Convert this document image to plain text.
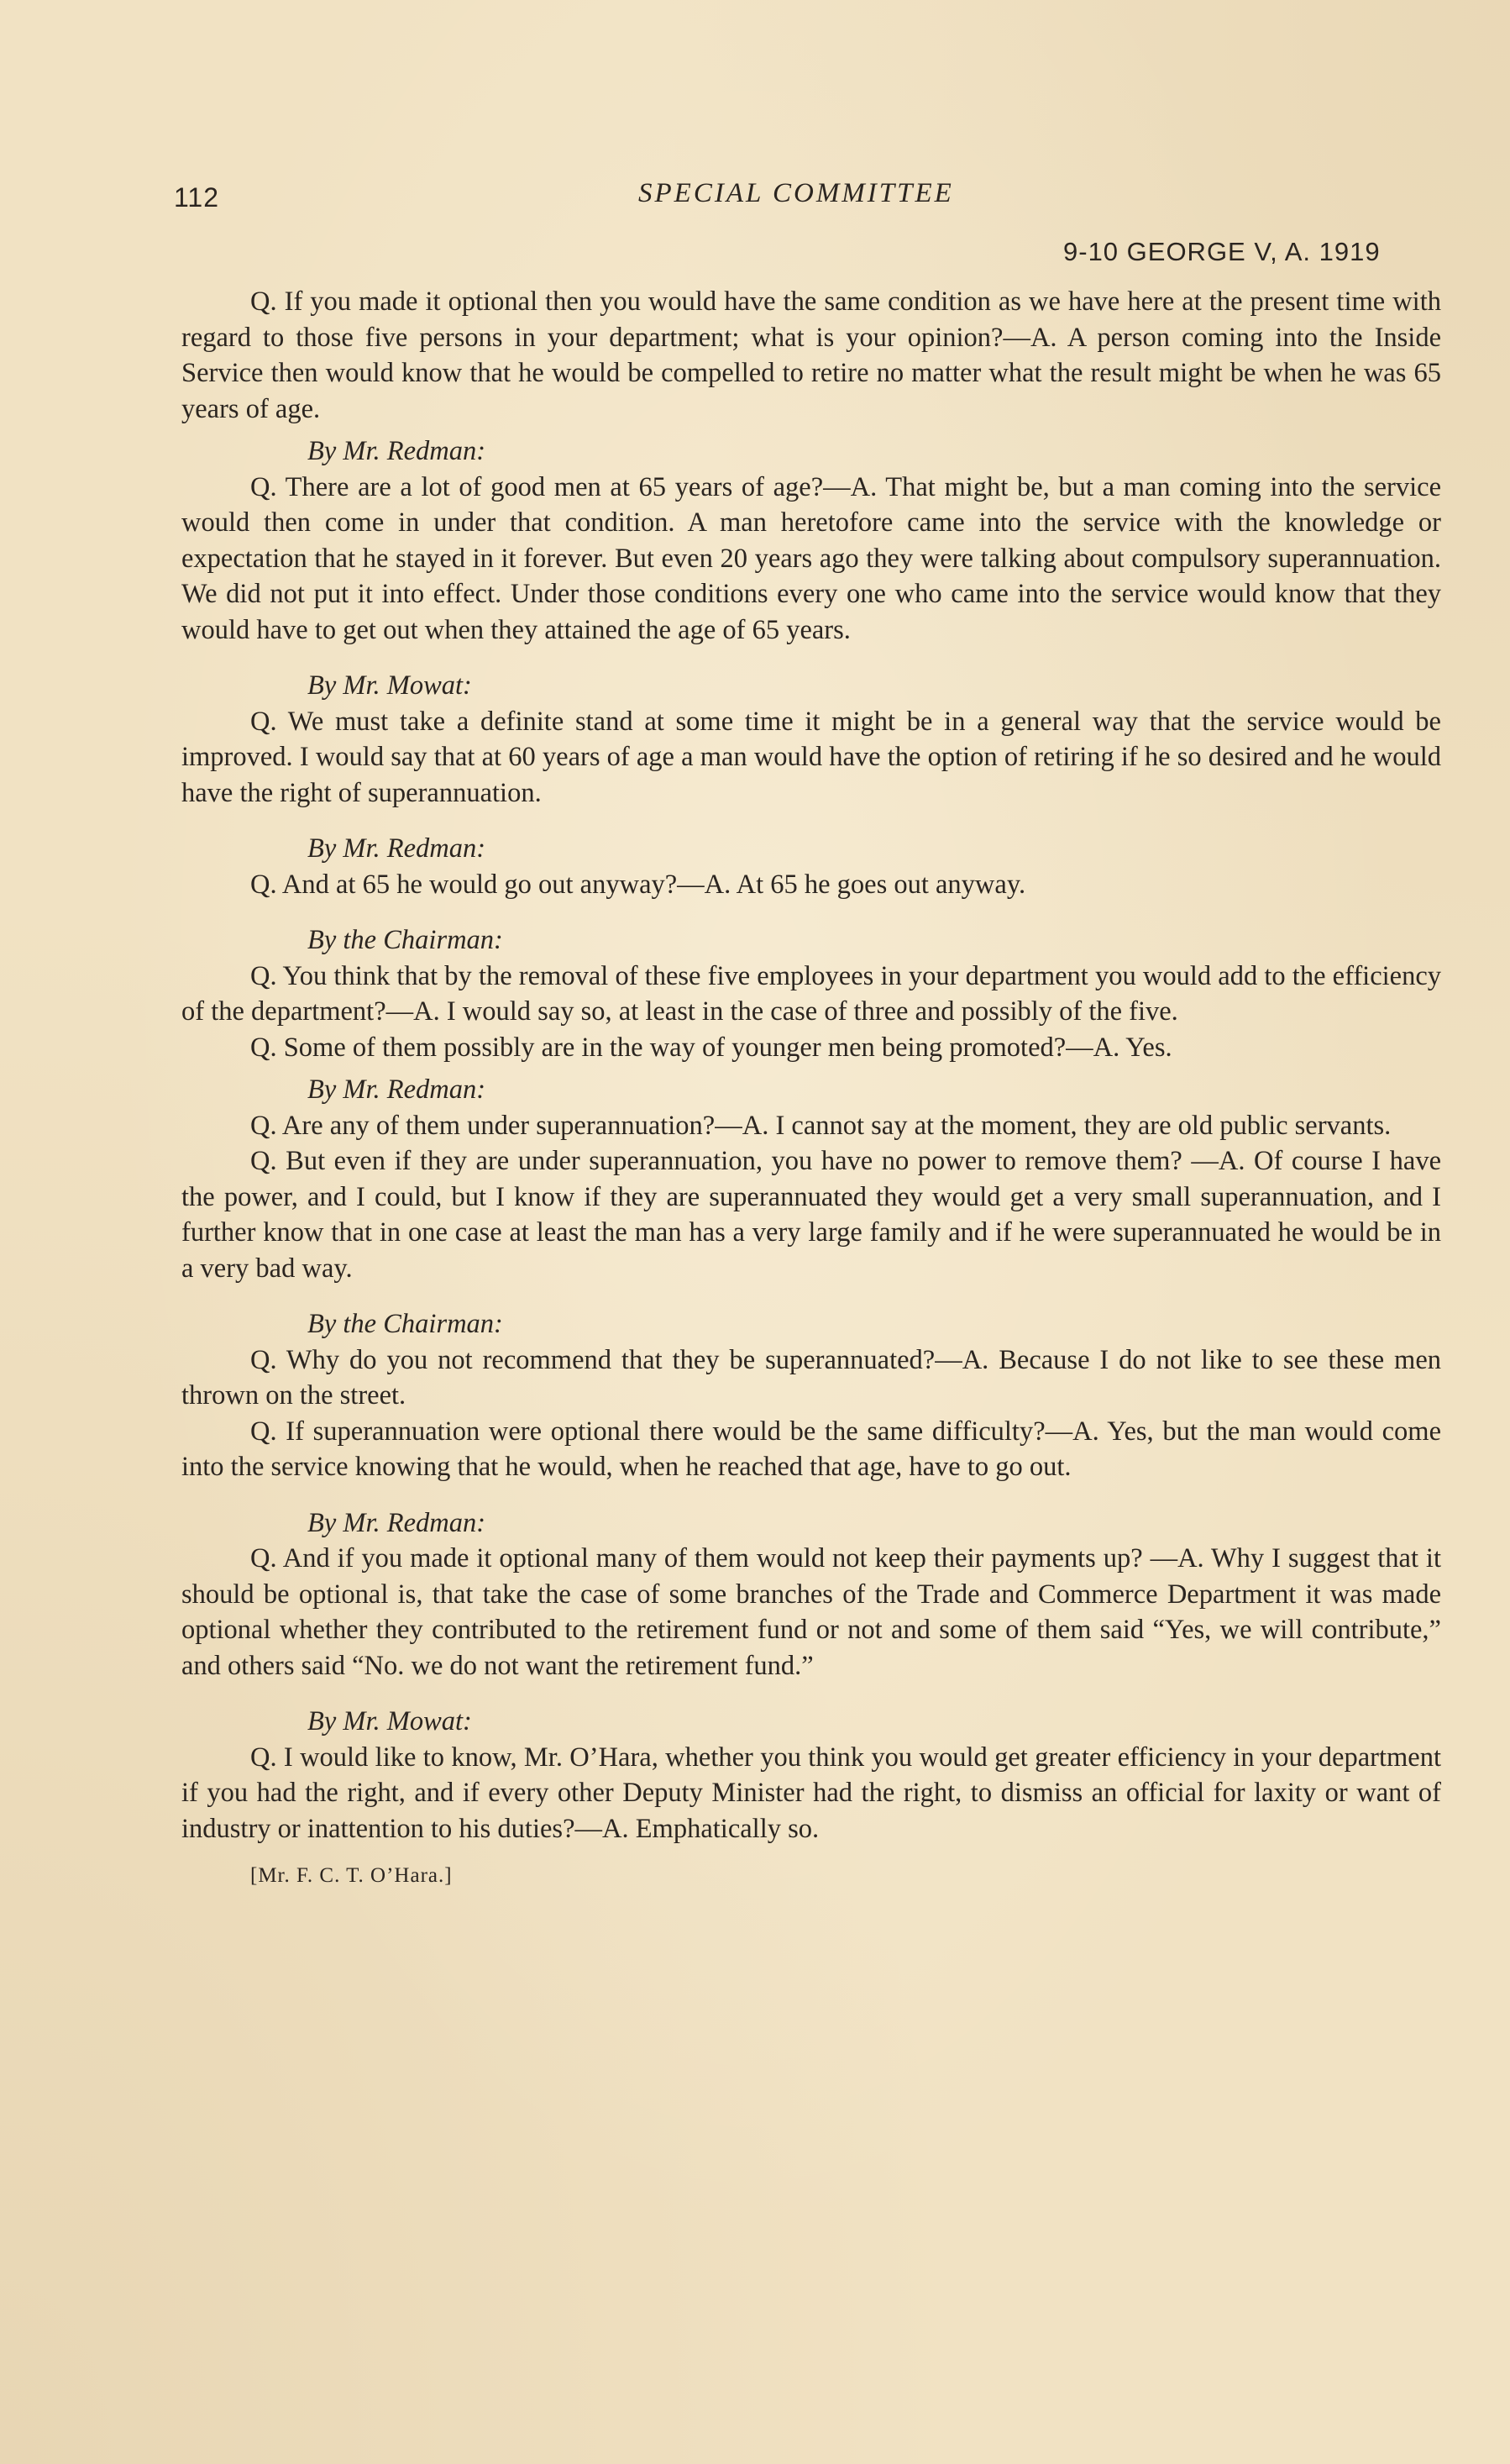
112	SPECIAL COMMITTEE
9-10 GEORGE V, A. 1919

Q. If you made it optional then you would have the same condition as we have here at the present time with regard to those five persons in your department; what is your opinion?—A. A person coming into the Inside Service then would know that he would be compelled to retire no matter what the result might be when he was 65 years of age.

By Mr. Redman:

Q. There are a lot of good men at 65 years of age?—A. That might be, but a man coming into the service would then come in under that condition. A man heretofore came into the service with the knowledge or expectation that he stayed in it forever. But even 20 years ago they were talking about compulsory superannuation. We did not put it into effect. Under those conditions every one who came into the service would know that they would have to get out when they attained the age of 65 years.

By Mr. Mowat:

Q. We must take a definite stand at some time it might be in a general way that the service would be improved. I would say that at 60 years of age a man would have the option of retiring if he so desired and he would have the right of superannuation.

By Mr. Redman:

Q. And at 65 he would go out anyway?—A. At 65 he goes out anyway.

By the Chairman:

Q. You think that by the removal of these five employees in your department you would add to the efficiency of the department?—A. I would say so, at least in the case of three and possibly of the five.

Q. Some of them possibly are in the way of younger men being promoted?—A. Yes.

By Mr. Redman:

Q. Are any of them under superannuation?—A. I cannot say at the moment, they are old public servants.

Q. But even if they are under superannuation, you have no power to remove them? —A. Of course I have the power, and I could, but I know if they are superannuated they would get a very small superannuation, and I further know that in one case at least the man has a very large family and if he were superannuated he would be in a very bad way.

By the Chairman:

Q. Why do you not recommend that they be superannuated?—A. Because I do not like to see these men thrown on the street.

Q. If superannuation were optional there would be the same difficulty?—A. Yes, but the man would come into the service knowing that he would, when he reached that age, have to go out.

By Mr. Redman:

Q. And if you made it optional many of them would not keep their payments up? —A. Why I suggest that it should be optional is, that take the case of some branches of the Trade and Commerce Department it was made optional whether they contributed to the retirement fund or not and some of them said “Yes, we will contribute,” and others said “No. we do not want the retirement fund.”

By Mr. Mowat:

Q. I would like to know, Mr. O’Hara, whether you think you would get greater efficiency in your department if you had the right, and if every other Deputy Minister had the right, to dismiss an official for laxity or want of industry or inattention to his duties?—A. Emphatically so.

[Mr. F. C. T. O’Hara.]
